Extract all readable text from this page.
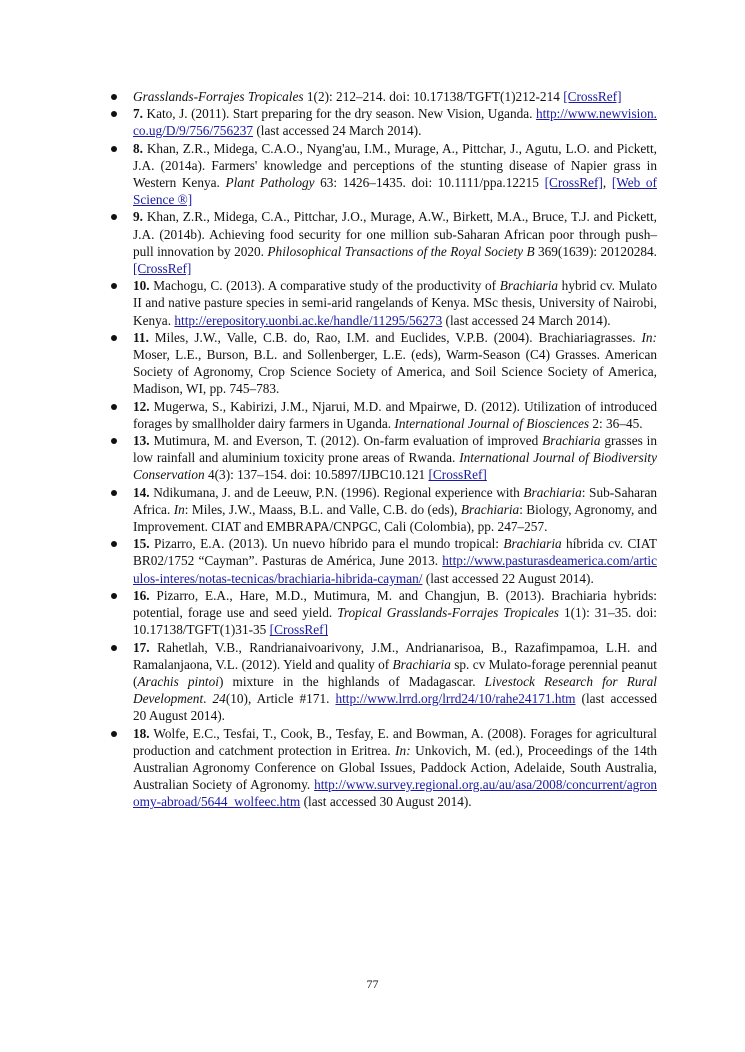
Grasslands-Forrajes Tropicales 1(2): 212–214. doi: 10.17138/TGFT(1)212-214 [CrossRef]
7. Kato, J. (2011). Start preparing for the dry season. New Vision, Uganda. http://www.newvision.co.ug/D/9/756/756237 (last accessed 24 March 2014).
8. Khan, Z.R., Midega, C.A.O., Nyang'au, I.M., Murage, A., Pittchar, J., Agutu, L.O. and Pickett, J.A. (2014a). Farmers' knowledge and perceptions of the stunting disease of Napier grass in Western Kenya. Plant Pathology 63: 1426–1435. doi: 10.1111/ppa.12215 [CrossRef], [Web of Science ®]
9. Khan, Z.R., Midega, C.A., Pittchar, J.O., Murage, A.W., Birkett, M.A., Bruce, T.J. and Pickett, J.A. (2014b). Achieving food security for one million sub-Saharan African poor through push–pull innovation by 2020. Philosophical Transactions of the Royal Society B 369(1639): 20120284. [CrossRef]
10. Machogu, C. (2013). A comparative study of the productivity of Brachiaria hybrid cv. Mulato II and native pasture species in semi-arid rangelands of Kenya. MSc thesis, University of Nairobi, Kenya. http://erepository.uonbi.ac.ke/handle/11295/56273 (last accessed 24 March 2014).
11. Miles, J.W., Valle, C.B. do, Rao, I.M. and Euclides, V.P.B. (2004). Brachiariagrasses. In: Moser, L.E., Burson, B.L. and Sollenberger, L.E. (eds), Warm-Season (C4) Grasses. American Society of Agronomy, Crop Science Society of America, and Soil Science Society of America, Madison, WI, pp. 745–783.
12. Mugerwa, S., Kabirizi, J.M., Njarui, M.D. and Mpairwe, D. (2012). Utilization of introduced forages by smallholder dairy farmers in Uganda. International Journal of Biosciences 2: 36–45.
13. Mutimura, M. and Everson, T. (2012). On-farm evaluation of improved Brachiaria grasses in low rainfall and aluminium toxicity prone areas of Rwanda. International Journal of Biodiversity Conservation 4(3): 137–154. doi: 10.5897/IJBC10.121 [CrossRef]
14. Ndikumana, J. and de Leeuw, P.N. (1996). Regional experience with Brachiaria: Sub-Saharan Africa. In: Miles, J.W., Maass, B.L. and Valle, C.B. do (eds), Brachiaria: Biology, Agronomy, and Improvement. CIAT and EMBRAPA/CNPGC, Cali (Colombia), pp. 247–257.
15. Pizarro, E.A. (2013). Un nuevo híbrido para el mundo tropical: Brachiaria híbrida cv. CIAT BR02/1752 “Cayman”. Pasturas de América, June 2013. http://www.pasturasdeamerica.com/articulos-interes/notas-tecnicas/brachiaria-hibrida-cayman/ (last accessed 22 August 2014).
16. Pizarro, E.A., Hare, M.D., Mutimura, M. and Changjun, B. (2013). Brachiaria hybrids: potential, forage use and seed yield. Tropical Grasslands-Forrajes Tropicales 1(1): 31–35. doi: 10.17138/TGFT(1)31-35 [CrossRef]
17. Rahetlah, V.B., Randrianaivoarivony, J.M., Andrianarisoa, B., Razafimpamoa, L.H. and Ramalanjaona, V.L. (2012). Yield and quality of Brachiaria sp. cv Mulato-forage perennial peanut (Arachis pintoi) mixture in the highlands of Madagascar. Livestock Research for Rural Development. 24(10), Article #171. http://www.lrrd.org/lrrd24/10/rahe24171.htm (last accessed 20 August 2014).
18. Wolfe, E.C., Tesfai, T., Cook, B., Tesfay, E. and Bowman, A. (2008). Forages for agricultural production and catchment protection in Eritrea. In: Unkovich, M. (ed.), Proceedings of the 14th Australian Agronomy Conference on Global Issues, Paddock Action, Adelaide, South Australia, Australian Society of Agronomy. http://www.survey.regional.org.au/au/asa/2008/concurrent/agronomy-abroad/5644_wolfeec.htm (last accessed 30 August 2014).
77
